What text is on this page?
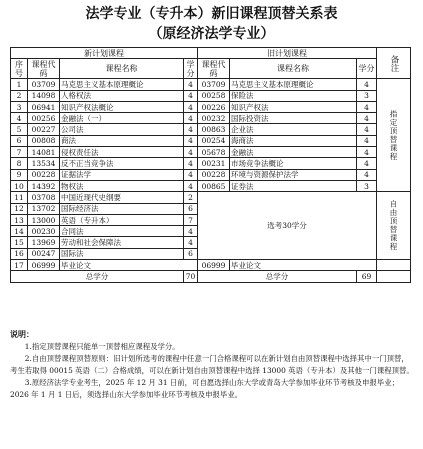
法学专业（专升本）新旧课程顶替关系表
（原经济法学专业）
新计划课程				旧计划课程			备注
序号	课程代码	课程名称	学分	课程代码	课程名称	学分	
1	03709	马克思主义基本原理概论	4	03709	马克思主义基本原理概论	4	指定顶替课程
2	14098	人格权法	4	00258	保险法	3	
3	06941	知识产权法概论	4	00226	知识产权法	4	
4	00256	金融法（一）	4	00232	国际投资法	4	
5	00227	公司法	4	00863	企业法	4	
6	00808	商法	4	00254	海商法	4	
7	14081	侵权责任法	4	05678	金融法	4	
8	13534	反不正当竞争法	4	00231	市场竞争法概论	4	
9	00228	证据法学	4	00228	环境与资源保护法学	4	
10	14392	物权法	4	00865	证券法	3	
11	03708	中国近现代史纲要	2	选考30学分			自由顶替课程
12	13702	国际经济法	6				
13	13000	英语（专升本）	7				
14	00230	合同法	4				
15	13969	劳动和社会保障法	4				
16	00247	国际法	6				
17	06999	毕业论文		06999	毕业论文		
总学分			70	总学分		69	

说明：

1.指定顶替课程只能单一顶替相应课程及学分。

2.自由顶替课程顶替原则：旧计划所选考的课程中任意一门合格课程可以在新计划自由顶替课程中选择其中一门顶替，考生若取得 00015 英语（二）合格成绩，可以在新计划自由顶替课程中选择 13000 英语（专升本）及其他一门课程顶替。

3.原经济法学专业考生，2025 年 12 月 31 日前，可自愿选择山东大学或青岛大学参加毕业环节考核及申报毕业；2026 年 1 月 1 日后，须选择山东大学参加毕业环节考核及申报毕业。
